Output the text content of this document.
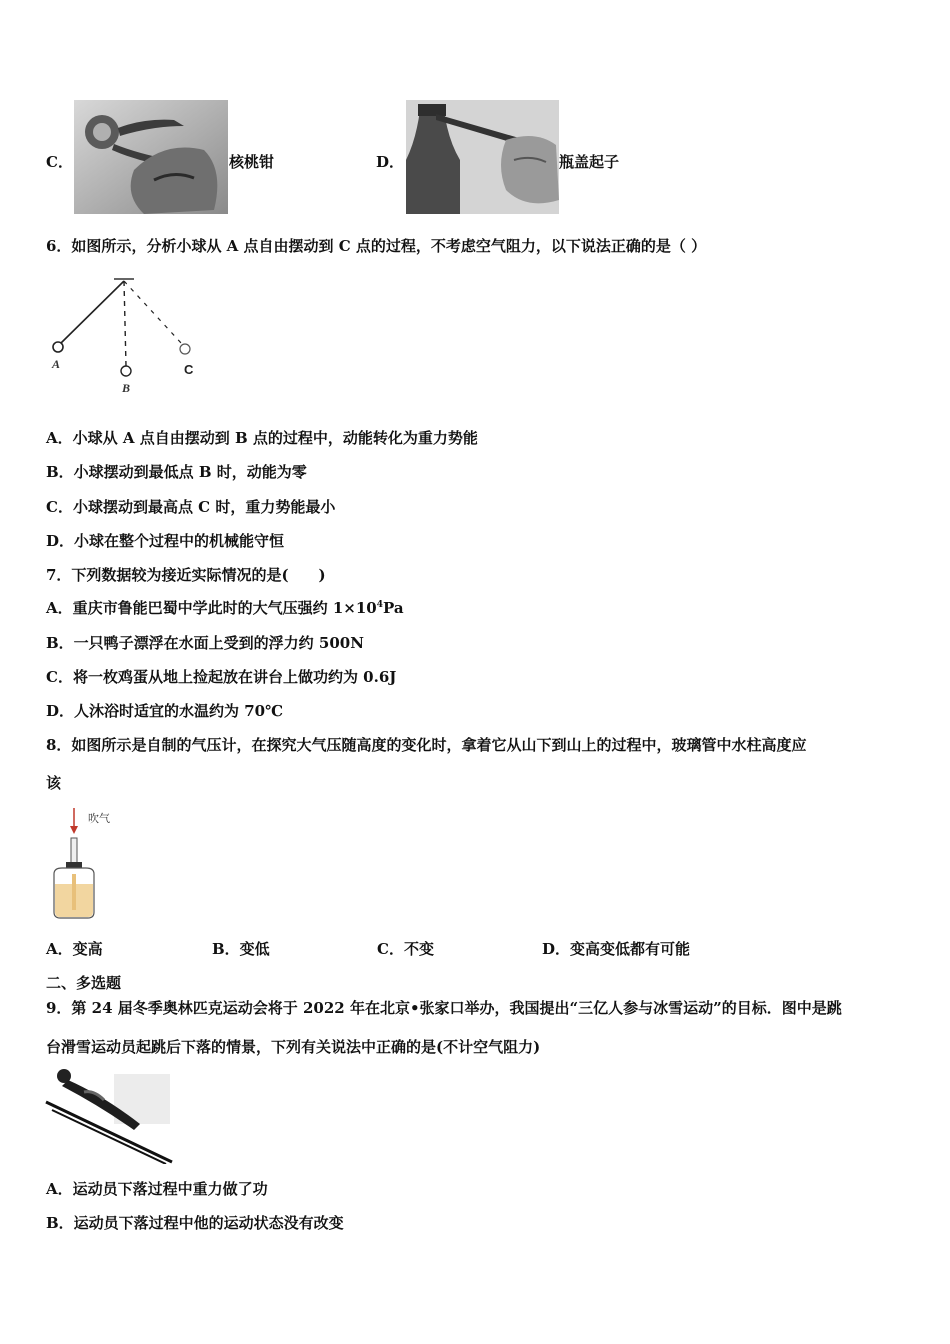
C．	核桃钳	D．	瓶盖起子
6．如图所示，分析小球从 A 点自由摆动到 C 点的过程，不考虑空气阻力，以下说法正确的是（ ）
A
B
C
A．小球从 A 点自由摆动到 B 点的过程中，动能转化为重力势能
B．小球摆动到最低点 B 时，动能为零
C．小球摆动到最高点 C 时，重力势能最小
D．小球在整个过程中的机械能守恒
7．下列数据较为接近实际情况的是(　　)
A．重庆市鲁能巴蜀中学此时的大气压强约 $1\times 10^4Pa$
B．一只鸭子漂浮在水面上受到的浮力约 500N
C．将一枚鸡蛋从地上捡起放在讲台上做功约为 0.6J
D．人沐浴时适宜的水温约为 70℃
8．如图所示是自制的气压计，在探究大气压随高度的变化时，拿着它从山下到山上的过程中，玻璃管中水柱高度应
该
吹气
A．变高	B．变低	C．不变	D．变高变低都有可能
二、多选题
9．第 24 届冬季奥林匹克运动会将于 2022 年在北京•张家口举办，我国提出“三亿人参与冰雪运动”的目标．图中是跳
台滑雪运动员起跳后下落的情景，下列有关说法中正确的是(不计空气阻力)
A．运动员下落过程中重力做了功
B．运动员下落过程中他的运动状态没有改变
